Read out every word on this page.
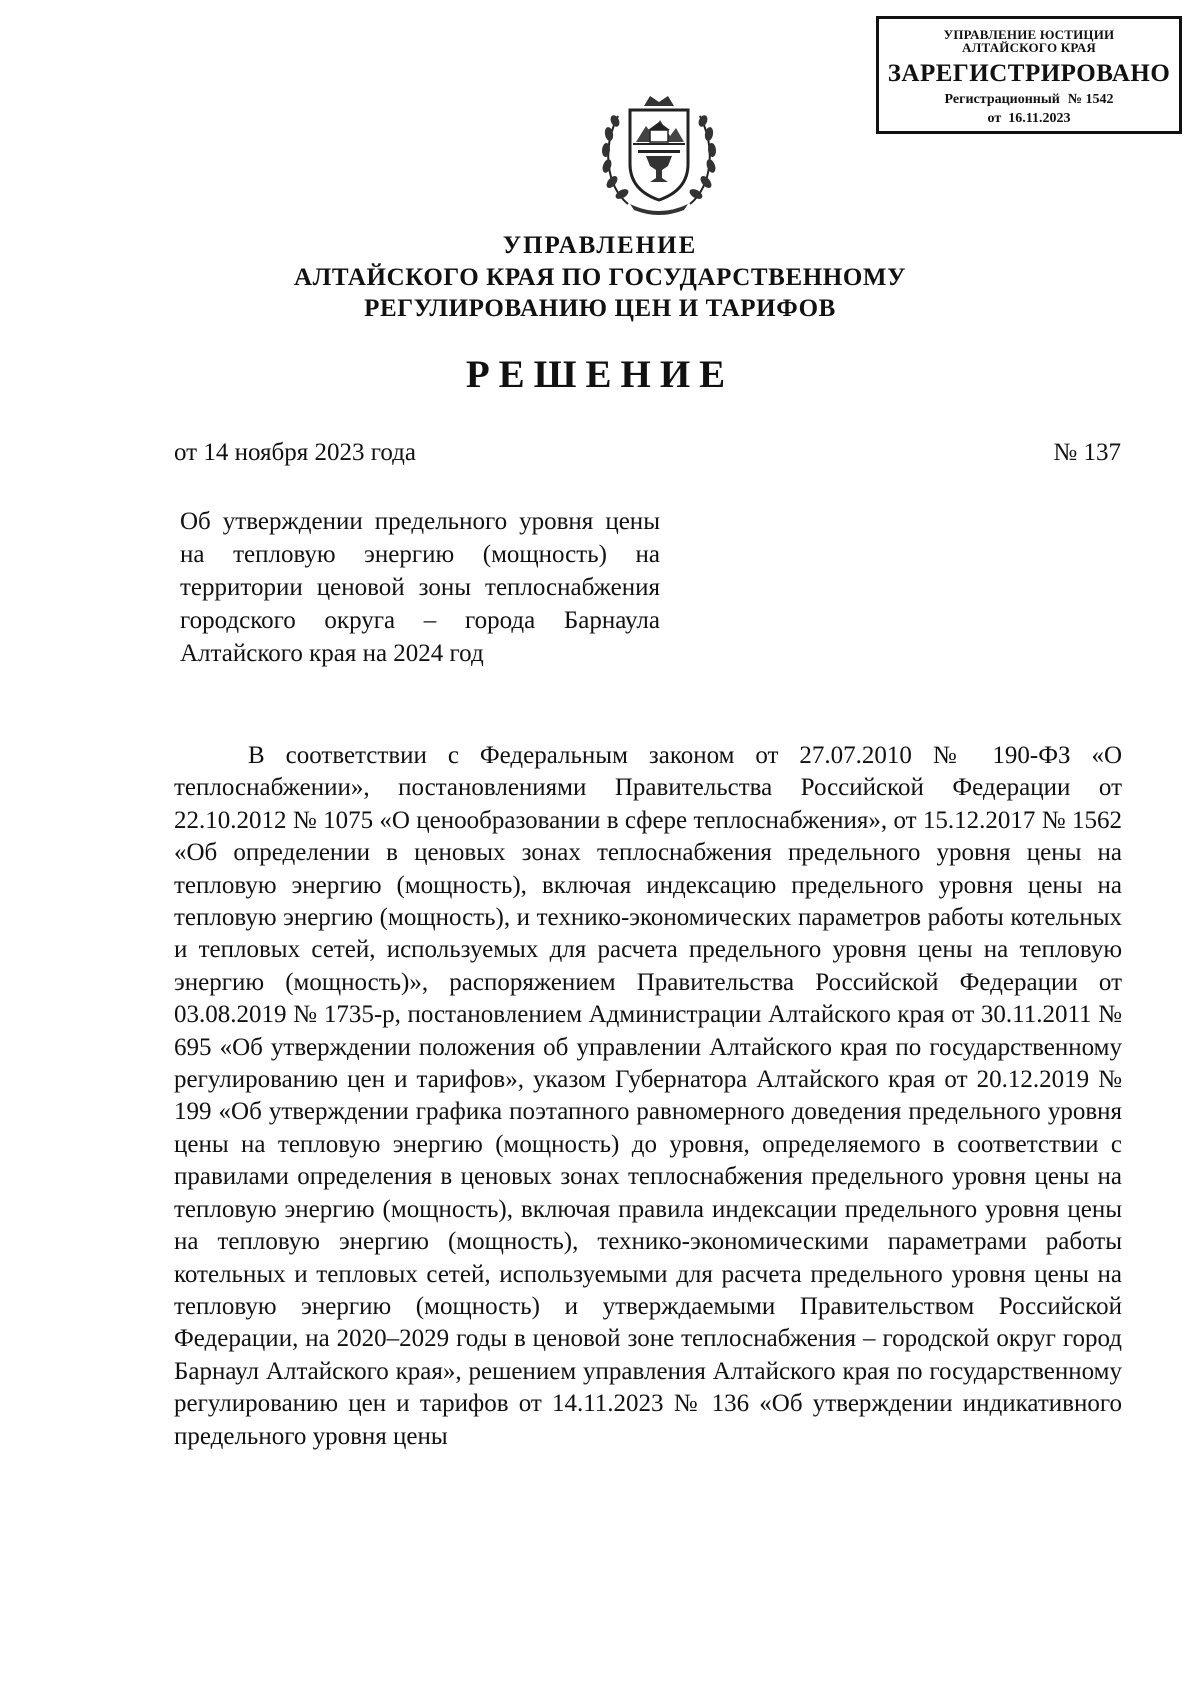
УПРАВЛЕНИЕ ЮСТИЦИИ
АЛТАЙСКОГО КРАЯ
ЗАРЕГИСТРИРОВАНО
Регистрационный № 1542
от 16.11.2023
УПРАВЛЕНИЕ
АЛТАЙСКОГО КРАЯ ПО ГОСУДАРСТВЕННОМУ
РЕГУЛИРОВАНИЮ ЦЕН И ТАРИФОВ
РЕШЕНИЕ
от 14 ноября 2023 года	№ 137
Об утверждении предельного уровня цены на тепловую энергию (мощность) на территории ценовой зоны теплоснабжения городского округа – города Барнаула Алтайского края на 2024 год

В соответствии с Федеральным законом от 27.07.2010 № 190-ФЗ «О теплоснабжении», постановлениями Правительства Российской Федерации от 22.10.2012 № 1075 «О ценообразовании в сфере теплоснабжения», от 15.12.2017 № 1562 «Об определении в ценовых зонах теплоснабжения предельного уровня цены на тепловую энергию (мощность), включая индексацию предельного уровня цены на тепловую энергию (мощность), и технико-экономических параметров работы котельных и тепловых сетей, используемых для расчета предельного уровня цены на тепловую энергию (мощность)», распоряжением Правительства Российской Федерации от 03.08.2019 № 1735-р, постановлением Администрации Алтайского края от 30.11.2011 № 695 «Об утверждении положения об управлении Алтайского края по государственному регулированию цен и тарифов», указом Губернатора Алтайского края от 20.12.2019 № 199 «Об утверждении графика поэтапного равномерного доведения предельного уровня цены на тепловую энергию (мощность) до уровня, определяемого в соответствии с правилами определения в ценовых зонах теплоснабжения предельного уровня цены на тепловую энергию (мощность), включая правила индексации предельного уровня цены на тепловую энергию (мощность), технико-экономическими параметрами работы котельных и тепловых сетей, используемыми для расчета предельного уровня цены на тепловую энергию (мощность) и утверждаемыми Правительством Российской Федерации, на 2020–2029 годы в ценовой зоне теплоснабжения – городской округ город Барнаул Алтайского края», решением управления Алтайского края по государственному регулированию цен и тарифов от 14.11.2023 № 136 «Об утверждении индикативного предельного уровня цены
